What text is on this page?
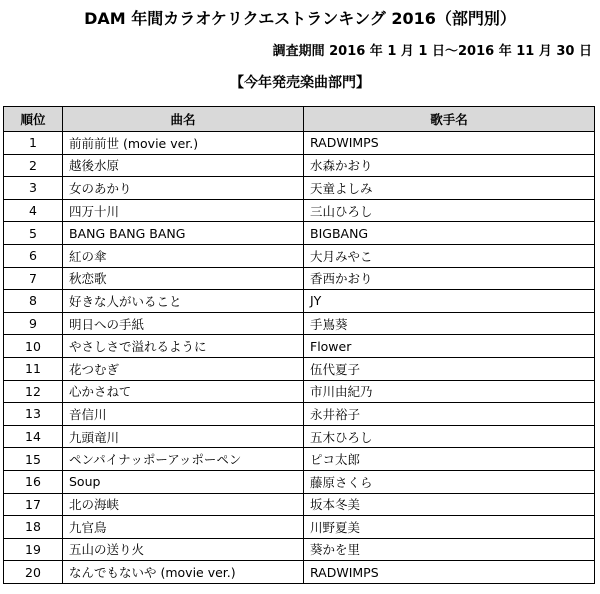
DAM 年間カラオケリクエストランキング 2016（部門別）
調査期間 2016 年 1 月 1 日～2016 年 11 月 30 日
【今年発売楽曲部門】
順位	曲名	歌手名
1	前前前世 (movie ver.)	RADWIMPS
2	越後水原	水森かおり
3	女のあかり	天童よしみ
4	四万十川	三山ひろし
5	BANG BANG BANG	BIGBANG
6	紅の傘	大月みやこ
7	秋恋歌	香西かおり
8	好きな人がいること	JY
9	明日への手紙	手嶌葵
10	やさしさで溢れるように	Flower
11	花つむぎ	伍代夏子
12	心かさねて	市川由紀乃
13	音信川	永井裕子
14	九頭竜川	五木ひろし
15	ペンパイナッポーアッポーペン	ピコ太郎
16	Soup	藤原さくら
17	北の海峡	坂本冬美
18	九官鳥	川野夏美
19	五山の送り火	葵かを里
20	なんでもないや (movie ver.)	RADWIMPS
